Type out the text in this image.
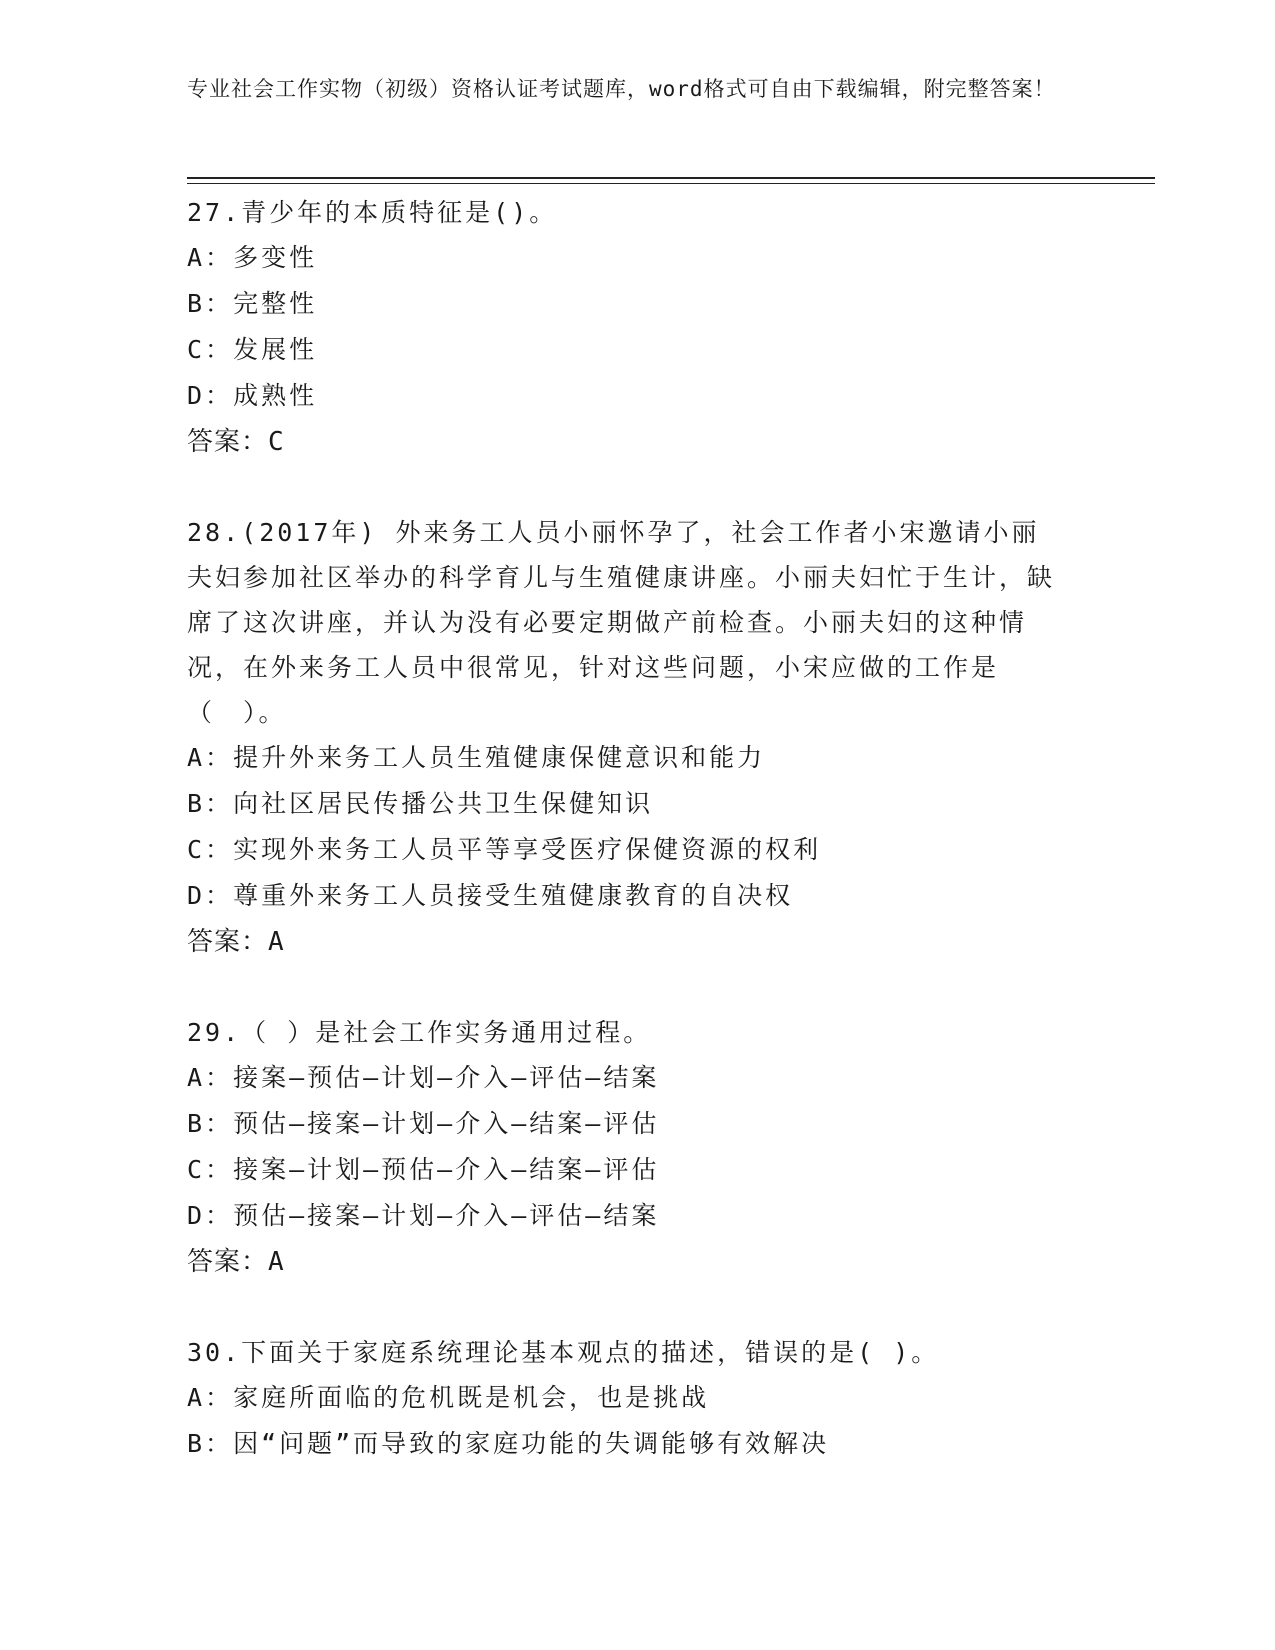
专业社会工作实物（初级）资格认证考试题库，word格式可自由下载编辑，附完整答案！
27.青少年的本质特征是()。
A：多变性
B：完整性
C：发展性
D：成熟性
答案：C
28.(2017年) 外来务工人员小丽怀孕了，社会工作者小宋邀请小丽夫妇参加社区举办的科学育儿与生殖健康讲座。小丽夫妇忙于生计，缺席了这次讲座，并认为没有必要定期做产前检查。小丽夫妇的这种情况，在外来务工人员中很常见，针对这些问题，小宋应做的工作是（　）。
A：提升外来务工人员生殖健康保健意识和能力
B：向社区居民传播公共卫生保健知识
C：实现外来务工人员平等享受医疗保健资源的权利
D：尊重外来务工人员接受生殖健康教育的自决权
答案：A
29.（ ）是社会工作实务通用过程。
A：接案—预估—计划—介入—评估—结案
B：预估—接案—计划—介入—结案—评估
C：接案—计划—预估—介入—结案—评估
D：预估—接案—计划—介入—评估—结案
答案：A
30.下面关于家庭系统理论基本观点的描述，错误的是( )。
A：家庭所面临的危机既是机会，也是挑战
B：因“问题”而导致的家庭功能的失调能够有效解决
